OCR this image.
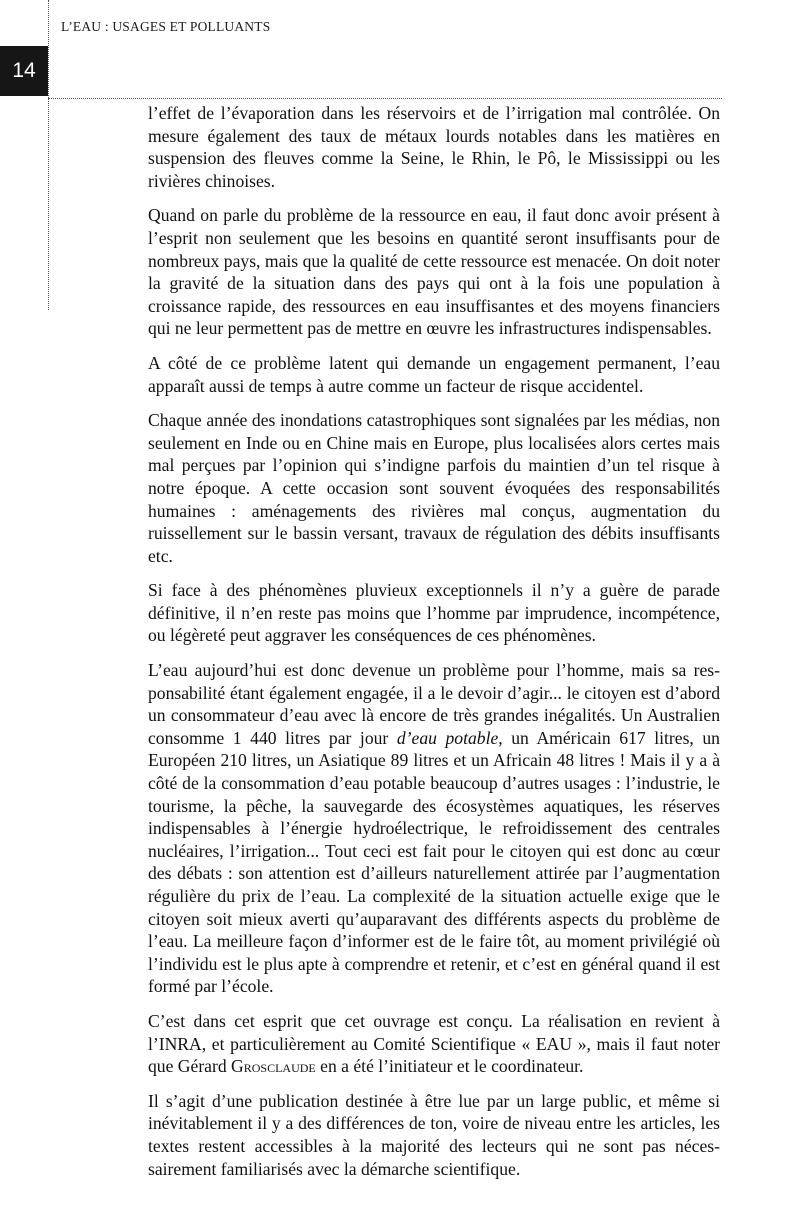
L’EAU : USAGES ET POLLUANTS
14

l’effet de l’évaporation dans les réservoirs et de l’irrigation mal contrôlée. On mesure également des taux de métaux lourds notables dans les matières en suspension des fleuves comme la Seine, le Rhin, le Pô, le Mississippi ou les rivières chinoises.

Quand on parle du problème de la ressource en eau, il faut donc avoir présent à l’esprit non seulement que les besoins en quantité seront insuffisants pour de nombreux pays, mais que la qualité de cette ressource est menacée. On doit noter la gravité de la situation dans des pays qui ont à la fois une population à croissance rapide, des ressources en eau insuffisantes et des moyens financiers qui ne leur permettent pas de mettre en œuvre les infrastructures indispensables.

A côté de ce problème latent qui demande un engagement permanent, l’eau apparaît aussi de temps à autre comme un facteur de risque accidentel.

Chaque année des inondations catastrophiques sont signalées par les médias, non seulement en Inde ou en Chine mais en Europe, plus localisées alors certes mais mal perçues par l’opinion qui s’indigne parfois du maintien d’un tel risque à notre époque. A cette occasion sont souvent évoquées des responsabilités humaines : aménagements des rivières mal conçus, augmentation du ruissellement sur le bassin versant, travaux de régulation des débits insuffisants etc.

Si face à des phénomènes pluvieux exceptionnels il n’y a guère de parade définitive, il n’en reste pas moins que l’homme par imprudence, incompétence, ou légèreté peut aggraver les conséquences de ces phénomènes.

L’eau aujourd’hui est donc devenue un problème pour l’homme, mais sa responsabilité étant également engagée, il a le devoir d’agir... le citoyen est d’abord un consommateur d’eau avec là encore de très grandes inégalités. Un Australien consomme 1 440 litres par jour d’eau potable, un Américain 617 litres, un Européen 210 litres, un Asiatique 89 litres et un Africain 48 litres ! Mais il y a à côté de la consommation d’eau potable beaucoup d’autres usages : l’industrie, le tourisme, la pêche, la sauvegarde des écosystèmes aquatiques, les réserves indispensables à l’énergie hydroélectrique, le refroidissement des centrales nucléaires, l’irrigation... Tout ceci est fait pour le citoyen qui est donc au cœur des débats : son attention est d’ailleurs naturellement attirée par l’augmentation régulière du prix de l’eau. La complexité de la situation actuelle exige que le citoyen soit mieux averti qu’auparavant des différents aspects du problème de l’eau. La meilleure façon d’informer est de le faire tôt, au moment privilégié où l’individu est le plus apte à comprendre et retenir, et c’est en général quand il est formé par l’école.

C’est dans cet esprit que cet ouvrage est conçu. La réalisation en revient à l’INRA, et particulièrement au Comité Scientifique « EAU », mais il faut noter que Gérard Grosclaude en a été l’initiateur et le coordinateur.

Il s’agit d’une publication destinée à être lue par un large public, et même si inévitablement il y a des différences de ton, voire de niveau entre les articles, les textes restent accessibles à la majorité des lecteurs qui ne sont pas nécessairement familiarisés avec la démarche scientifique.
